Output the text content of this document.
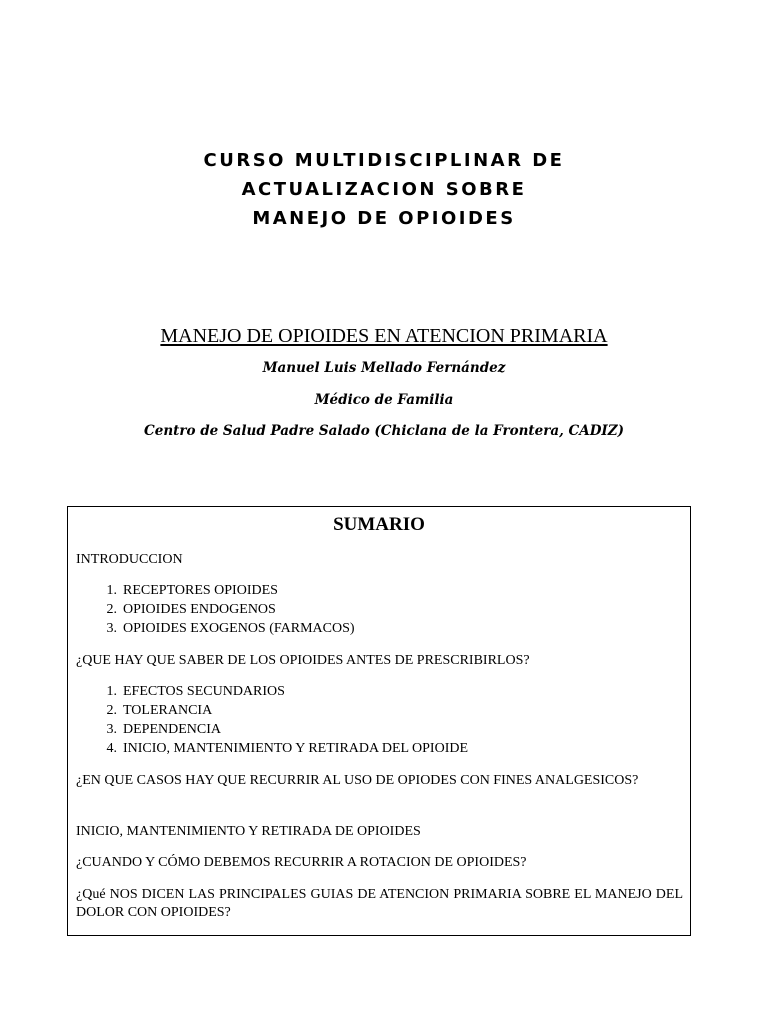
CURSO MULTIDISCIPLINAR DE
ACTUALIZACION SOBRE
MANEJO DE OPIOIDES
MANEJO DE OPIOIDES EN ATENCION PRIMARIA
Manuel Luis Mellado Fernández
Médico de Familia
Centro de Salud Padre Salado (Chiclana de la Frontera, CADIZ)
SUMARIO
INTRODUCCION
1. RECEPTORES OPIOIDES
2. OPIOIDES ENDOGENOS
3. OPIOIDES EXOGENOS (FARMACOS)
¿QUE HAY QUE SABER DE LOS OPIOIDES ANTES DE PRESCRIBIRLOS?
1. EFECTOS SECUNDARIOS
2. TOLERANCIA
3. DEPENDENCIA
4. INICIO, MANTENIMIENTO Y RETIRADA DEL OPIOIDE
¿EN QUE CASOS HAY QUE RECURRIR AL USO DE OPIODES CON FINES ANALGESICOS?
INICIO, MANTENIMIENTO Y RETIRADA DE OPIOIDES
¿CUANDO Y CÓMO DEBEMOS RECURRIR A ROTACION DE OPIOIDES?
¿Qué NOS DICEN LAS PRINCIPALES GUIAS DE ATENCION PRIMARIA SOBRE EL MANEJO DEL DOLOR CON OPIOIDES?
